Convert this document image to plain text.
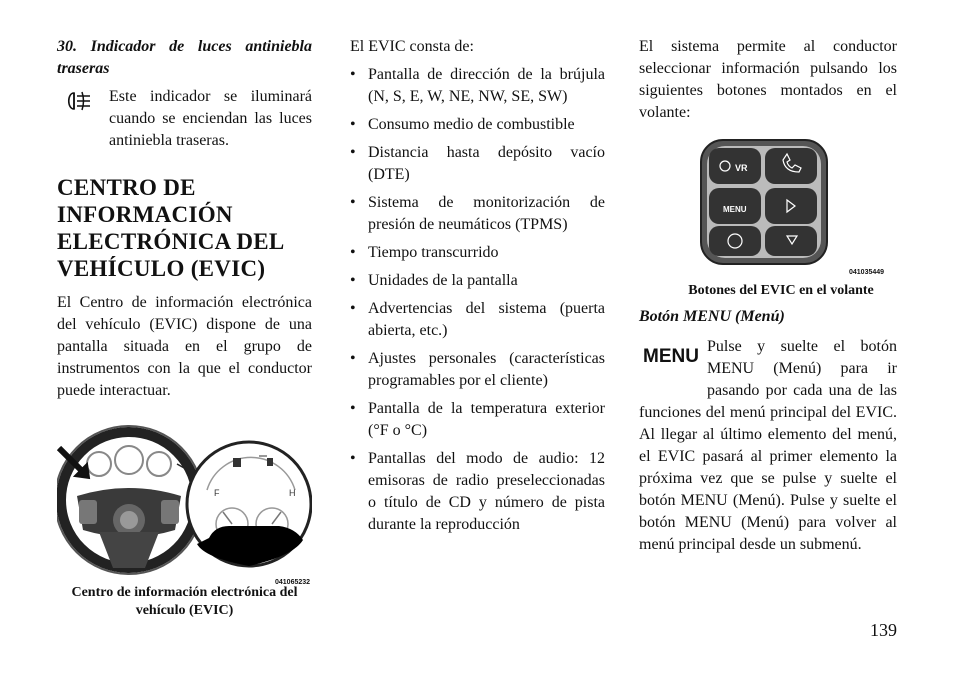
30. Indicador de luces antiniebla traseras

Este indicador se iluminará cuando se enciendan las luces antiniebla traseras.

CENTRO DE INFORMACIÓN ELECTRÓNICA DEL VEHÍCULO (EVIC)

El Centro de información electrónica del vehículo (EVIC) dispone de una pantalla situada en el grupo de instrumentos con la que el conductor puede interactuar.

F	H
041065232
Centro de información electrónica del vehículo (EVIC)

El EVIC consta de:

• Pantalla de dirección de la brújula (N, S, E, W, NE, NW, SE, SW)
• Consumo medio de combustible
• Distancia hasta depósito vacío (DTE)
• Sistema de monitorización de presión de neumáticos (TPMS)
• Tiempo transcurrido
• Unidades de la pantalla
• Advertencias del sistema (puerta abierta, etc.)
• Ajustes personales (características programables por el cliente)
• Pantalla de la temperatura exterior (°F o °C)
• Pantallas del modo de audio: 12 emisoras de radio preseleccionadas o título de CD y número de pista durante la reproducción

El sistema permite al conductor seleccionar información pulsando los siguientes botones montados en el volante:

VR
MENU
041035449
Botones del EVIC en el volante

Botón MENU (Menú)

MENU Pulse y suelte el botón MENU (Menú) para ir pasando por cada una de las funciones del menú principal del EVIC. Al llegar al último elemento del menú, el EVIC pasará al primer elemento la próxima vez que se pulse y suelte el botón MENU (Menú). Pulse y suelte el botón MENU (Menú) para volver al menú principal desde un submenú.

139
